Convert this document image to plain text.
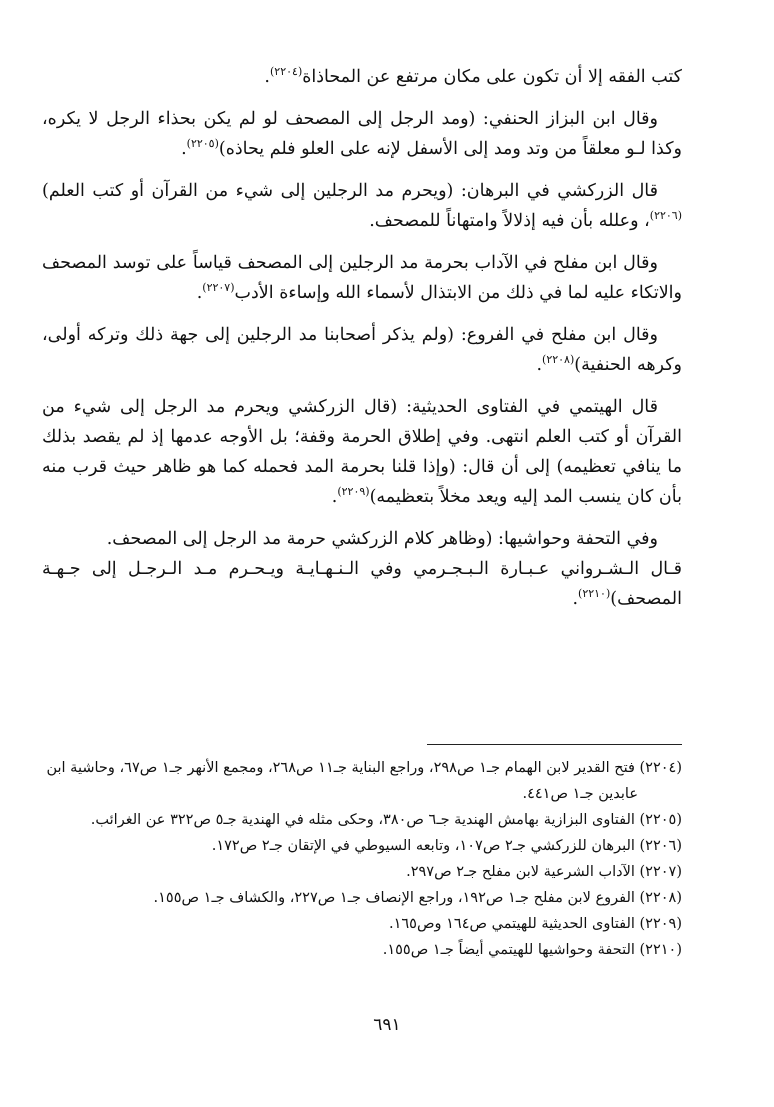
كتب الفقه إلا أن تكون على مكان مرتفع عن المحاذاة$^{(٢٢٠٤)}$.

وقال ابن البزاز الحنفي: (ومد الرجل إلى المصحف لو لم يكن بحذاء الرجل لا يكره، وكذا لـو معلقاً من وتد ومد إلى الأسفل لإنه على العلو فلم يحاذه)$^{(٢٢٠٥)}$.

قال الزركشي في البرهان: (ويحرم مد الرجلين إلى شيء من القرآن أو كتب العلم)$^{(٢٢٠٦)}$، وعلله بأن فيه إذلالاً وامتهاناً للمصحف.

وقال ابن مفلح في الآداب بحرمة مد الرجلين إلى المصحف قياساً على توسد المصحف والاتكاء عليه لما في ذلك من الابتذال لأسماء الله وإساءة الأدب$^{(٢٢٠٧)}$.

وقال ابن مفلح في الفروع: (ولم يذكر أصحابنا مد الرجلين إلى جهة ذلك وتركه أولى، وكرهه الحنفية)$^{(٢٢٠٨)}$.

قال الهيتمي في الفتاوى الحديثية: (قال الزركشي ويحرم مد الرجل إلى شيء من القرآن أو كتب العلم انتهى. وفي إطلاق الحرمة وقفة؛ بل الأوجه عدمها إذ لم يقصد بذلك ما ينافي تعظيمه) إلى أن قال: (وإذا قلنا بحرمة المد فحمله كما هو ظاهر حيث قرب منه بأن كان ينسب المد إليه ويعد مخلاً بتعظيمه)$^{(٢٢٠٩)}$.

وفي التحفة وحواشيها: (وظاهر كلام الزركشي حرمة مد الرجل إلى المصحف.

قـال الـشـرواني عـبـارة الـبـجـرمي وفي الـنـهـايـة ويـحـرم مـد الـرجـل إلى جـهـة المصحف)$^{(٢٢١٠)}$.

(٢٢٠٤) فتح القدير لابن الهمام جـ١ ص٢٩٨، وراجع البناية جـ١١ ص٢٦٨، ومجمع الأنهر جـ١ ص٦٧، وحاشية ابن عابدين جـ١ ص٤٤١.

(٢٢٠٥) الفتاوى البزازية بهامش الهندية جـ٦ ص٣٨٠، وحكى مثله في الهندية جـ٥ ص٣٢٢ عن الغرائب.

(٢٢٠٦) البرهان للزركشي جـ٢ ص١٠٧، وتابعه السيوطي في الإتقان جـ٢ ص١٧٢.

(٢٢٠٧) الآداب الشرعية لابن مفلح جـ٢ ص٢٩٧.

(٢٢٠٨) الفروع لابن مفلح جـ١ ص١٩٢، وراجع الإنصاف جـ١ ص٢٢٧، والكشاف جـ١ ص١٥٥.

(٢٢٠٩) الفتاوى الحديثية للهيتمي ص١٦٤ وص١٦٥.

(٢٢١٠) التحفة وحواشيها للهيتمي أيضاً جـ١ ص١٥٥.

٦٩١
